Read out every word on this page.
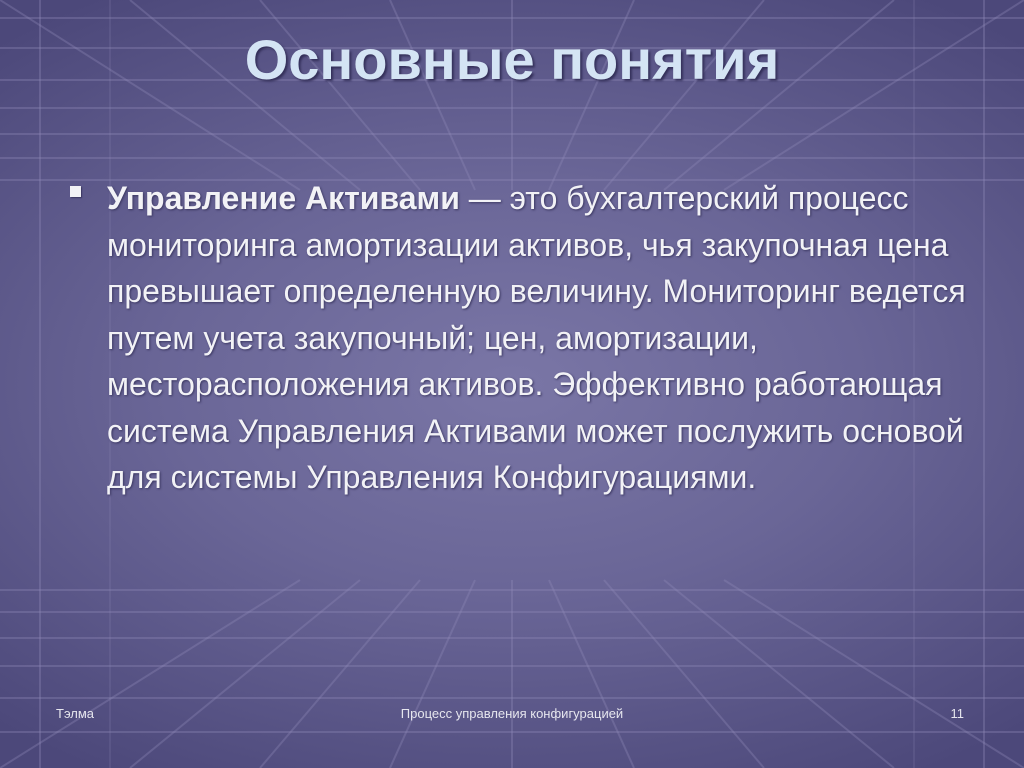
Основные понятия
Управление Активами — это бухгалтерский процесс мониторинга амортизации активов, чья закупочная цена превышает определенную величину. Мониторинг ведется путем учета закупочный; цен, амортизации, месторасположения активов. Эффективно работающая система Управления Активами может послужить основой для системы Управления Конфигурациями.
Тэлма	Процесс управления конфигурацией	11
